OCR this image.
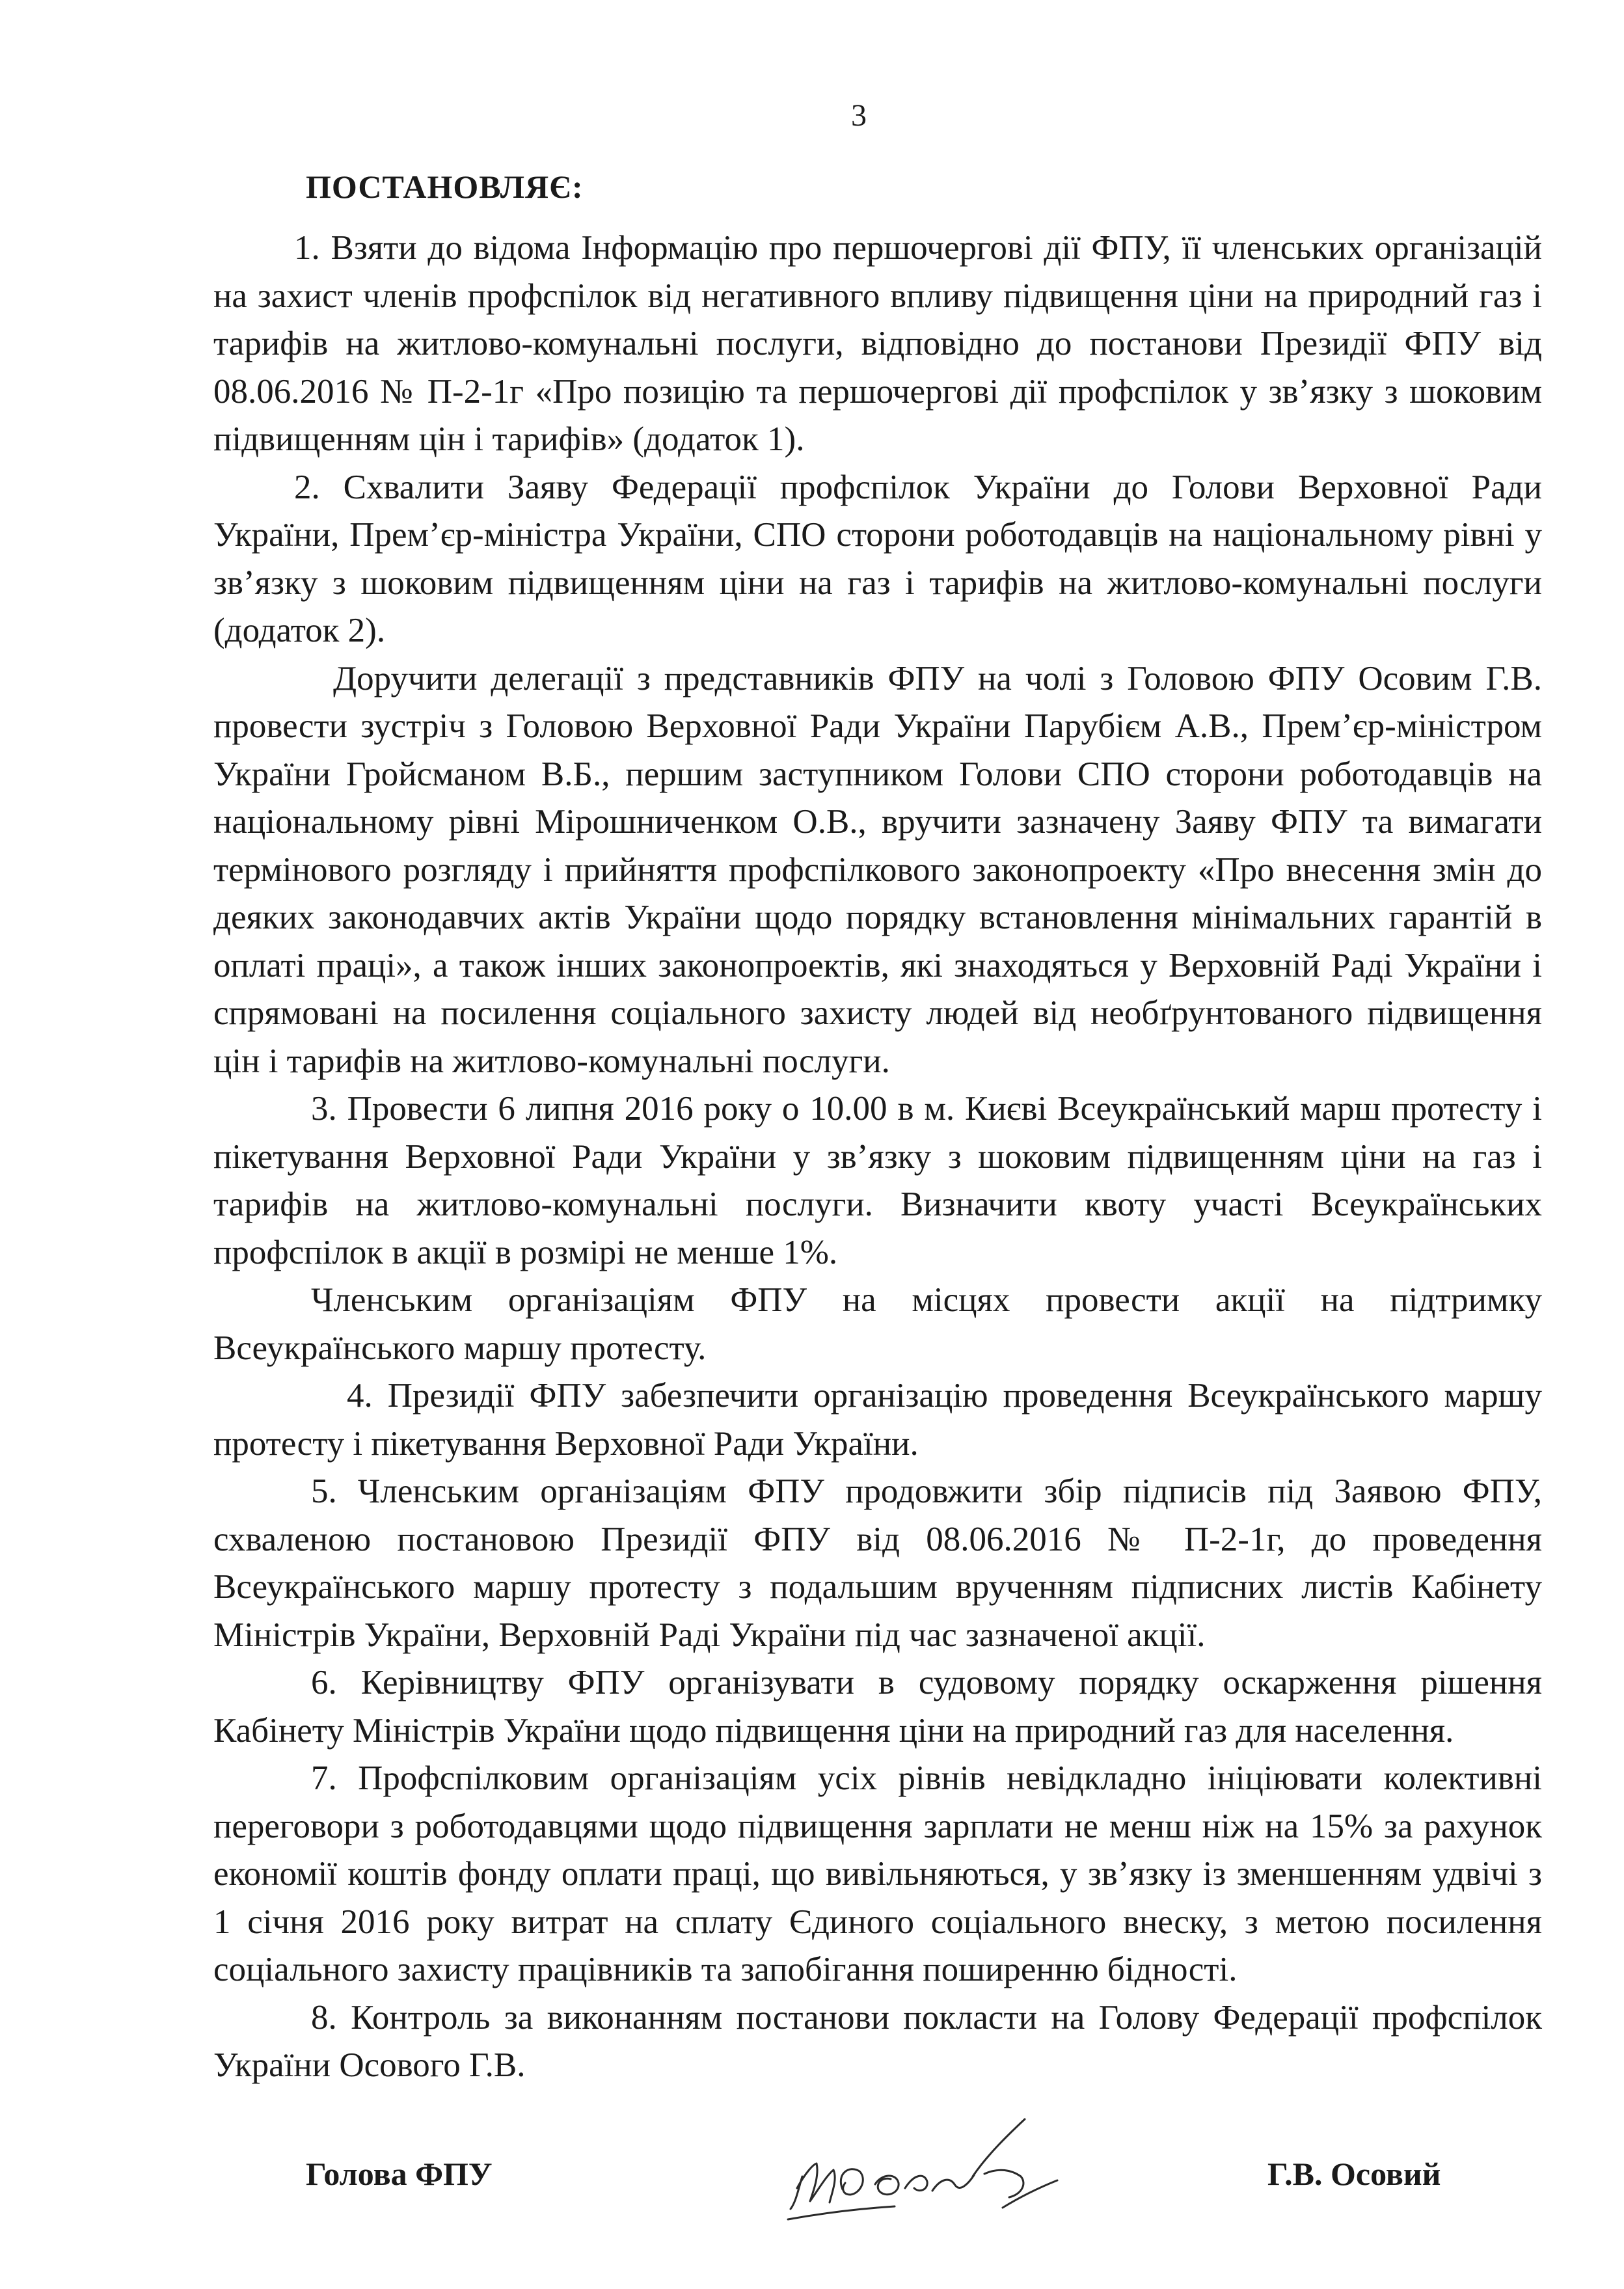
3
ПОСТАНОВЛЯЄ:

1. Взяти до відома Інформацію про першочергові дії ФПУ, її членських організацій на захист членів профспілок від негативного впливу підвищення ціни на природний газ і тарифів на житлово-комунальні послуги, відповідно до постанови Президії ФПУ від 08.06.2016 № П-2-1г «Про позицію та першочергові дії профспілок у зв’язку з шоковим підвищенням цін і тарифів» (додаток 1).

2. Схвалити Заяву Федерації профспілок України до Голови Верховної Ради України, Прем’єр-міністра України, СПО сторони роботодавців на національному рівні у зв’язку з шоковим підвищенням ціни на газ і тарифів на житлово-комунальні послуги (додаток 2).

Доручити делегації з представників ФПУ на чолі з Головою ФПУ Осовим Г.В. провести зустріч з Головою Верховної Ради України Парубієм А.В., Прем’єр-міністром України Гройсманом В.Б., першим заступником Голови СПО сторони роботодавців на національному рівні Мірошниченком О.В., вручити зазначену Заяву ФПУ та вимагати термінового розгляду і прийняття профспілкового законопроекту «Про внесення змін до деяких законодавчих актів України щодо порядку встановлення мінімальних гарантій в оплаті праці», а також інших законопроектів, які знаходяться у Верховній Раді України і спрямовані на посилення соціального захисту людей від необґрунтованого підвищення цін і тарифів на житлово-комунальні послуги.

3. Провести 6 липня 2016 року о 10.00 в м. Києві Всеукраїнський марш протесту і пікетування Верховної Ради України у зв’язку з шоковим підвищенням ціни на газ і тарифів на житлово-комунальні послуги. Визначити квоту участі Всеукраїнських профспілок в акції в розмірі не менше 1%.

Членським організаціям ФПУ на місцях провести акції на підтримку Всеукраїнського маршу протесту.

4. Президії ФПУ забезпечити організацію проведення Всеукраїнського маршу протесту і пікетування Верховної Ради України.

5. Членським організаціям ФПУ продовжити збір підписів під Заявою ФПУ, схваленою постановою Президії ФПУ від 08.06.2016 № П-2-1г, до проведення Всеукраїнського маршу протесту з подальшим врученням підписних листів Кабінету Міністрів України, Верховній Раді України під час зазначеної акції.

6. Керівництву ФПУ організувати в судовому порядку оскарження рішення Кабінету Міністрів України щодо підвищення ціни на природний газ для населення.

7. Профспілковим організаціям усіх рівнів невідкладно ініціювати колективні переговори з роботодавцями щодо підвищення зарплати не менш ніж на 15% за рахунок економії коштів фонду оплати праці, що вивільняються, у зв’язку із зменшенням удвічі з 1 січня 2016 року витрат на сплату Єдиного соціального внеску, з метою посилення соціального захисту працівників та запобігання поширенню бідності.

8. Контроль за виконанням постанови покласти на Голову Федерації профспілок України Осового Г.В.

Голова ФПУ	Г.В. Осовий
